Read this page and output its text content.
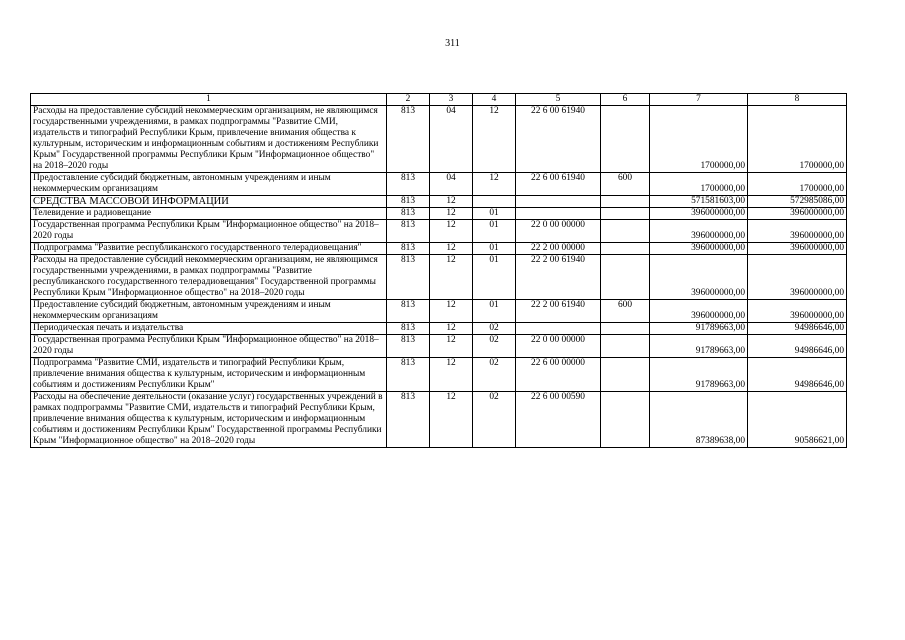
311
1	2	3	4	5	6	7	8
Расходы на предоставление субсидий некоммерческим организациям, не являющимся государственными учреждениями, в рамках подпрограммы "Развитие СМИ, издательств и типографий Республики Крым, привлечение внимания общества к культурным, историческим и информационным событиям и достижениям Республики Крым" Государственной программы Республики Крым "Информационное общество" на 2018–2020 годы	813	04	12	22 6 00 61940		1700000,00	1700000,00
Предоставление субсидий бюджетным, автономным учреждениям и иным некоммерческим организациям	813	04	12	22 6 00 61940	600	1700000,00	1700000,00
СРЕДСТВА МАССОВОЙ ИНФОРМАЦИИ	813	12				571581603,00	572985086,00
Телевидение и радиовещание	813	12	01			396000000,00	396000000,00
Государственная программа Республики Крым "Информационное общество" на 2018–2020 годы	813	12	01	22 0 00 00000		396000000,00	396000000,00
Подпрограмма "Развитие республиканского государственного телерадиовещания"	813	12	01	22 2 00 00000		396000000,00	396000000,00
Расходы на предоставление субсидий некоммерческим организациям, не являющимся государственными учреждениями, в рамках подпрограммы "Развитие республиканского государственного телерадиовещания" Государственной программы Республики Крым "Информационное общество" на 2018–2020 годы	813	12	01	22 2 00 61940		396000000,00	396000000,00
Предоставление субсидий бюджетным, автономным учреждениям и иным некоммерческим организациям	813	12	01	22 2 00 61940	600	396000000,00	396000000,00
Периодическая печать и издательства	813	12	02			91789663,00	94986646,00
Государственная программа Республики Крым "Информационное общество" на 2018–2020 годы	813	12	02	22 0 00 00000		91789663,00	94986646,00
Подпрограмма "Развитие СМИ, издательств и типографий Республики Крым, привлечение внимания общества к культурным, историческим и информационным событиям и достижениям Республики Крым"	813	12	02	22 6 00 00000		91789663,00	94986646,00
Расходы на обеспечение деятельности (оказание услуг) государственных учреждений в рамках подпрограммы "Развитие СМИ, издательств и типографий Республики Крым, привлечение внимания общества к культурным, историческим и информационным событиям и достижениям Республики Крым" Государственной программы Республики Крым "Информационное общество" на 2018–2020 годы	813	12	02	22 6 00 00590		87389638,00	90586621,00
